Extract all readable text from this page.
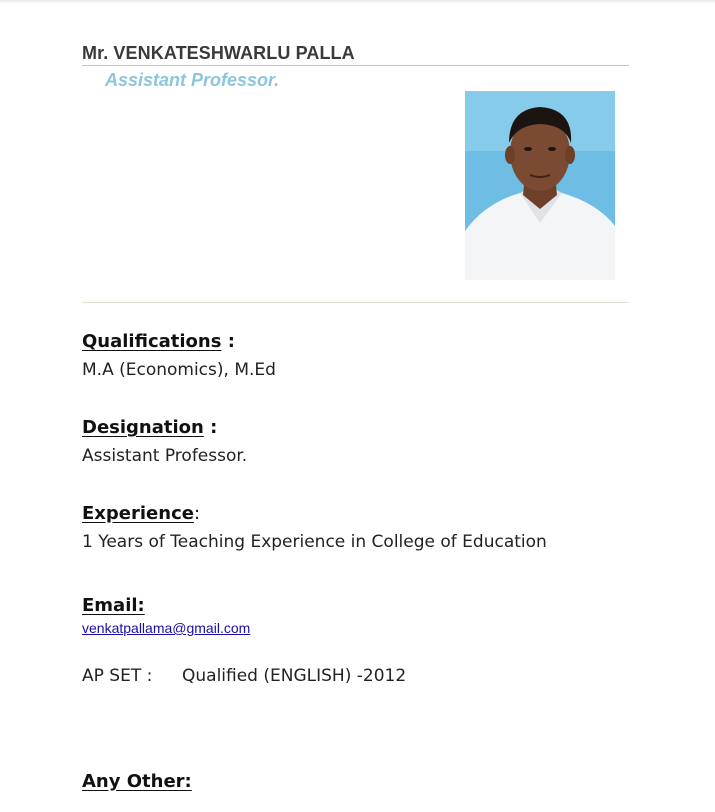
Mr. VENKATESHWARLU PALLA
Assistant Professor.
Qualifications :
M.A (Economics), M.Ed
Designation :
Assistant Professor.
Experience:
1 Years of Teaching Experience in College of Education
Email:
venkatpallama@gmail.com
AP SET : Qualified (ENGLISH) -2012
Any Other:
